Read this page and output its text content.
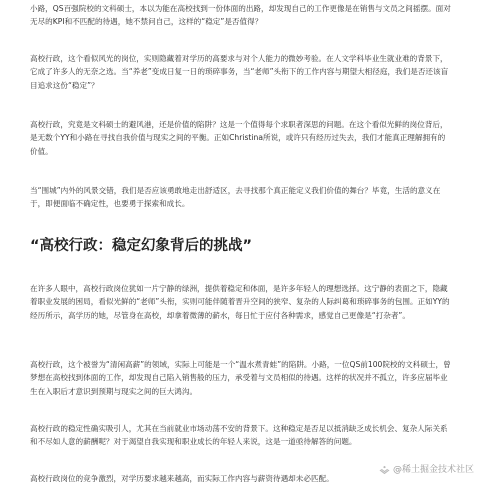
小路，QS百强院校的文科硕士，本以为能在高校找到一份体面的出路，却发现自己的工作更像是在销售与文员之间摇摆。面对无尽的KPI和不匹配的待遇，她不禁问自己，这样的“稳定”是否值得？

高校行政，这个看似风光的岗位，实则隐藏着对学历的高要求与对个人能力的微妙考验。在人文学科毕业生就业难的背景下，它成了许多人的无奈之选。当“养老”变成日复一日的琐碎事务，当“老师”头衔下的工作内容与期望大相径庭，我们是否还该盲目追求这份“稳定”？

高校行政，究竟是文科硕士的避风港，还是价值的陷阱？这是一个值得每个求职者深思的问题。在这个看似光鲜的岗位背后，是无数个YY和小路在寻找自我价值与现实之间的平衡。正如Christina所说，或许只有经历过失去，我们才能真正理解拥有的价值。

当“围城”内外的风景交错，我们是否应该勇敢地走出舒适区，去寻找那个真正能定义我们价值的舞台？毕竟，生活的意义在于，即便面临不确定性，也要勇于探索和成长。

“高校行政：稳定幻象背后的挑战”

在许多人眼中，高校行政岗位犹如一片宁静的绿洲，提供着稳定和体面，是许多年轻人的理想选择。这宁静的表面之下，隐藏着职业发展的困局，看似光鲜的“老师”头衔，实则可能伴随着晋升空间的狭窄、复杂的人际纠葛和琐碎事务的包围。正如YY的经历所示，高学历的她，尽管身在高校，却拿着微薄的薪水，每日忙于应付各种需求，感觉自己更像是“打杂者”。

高校行政，这个被誉为“清闲高薪”的领域，实际上可能是一个“温水煮青蛙”的陷阱。小路，一位QS前100院校的文科硕士，曾梦想在高校找到体面的工作，却发现自己陷入销售般的压力，承受着与文员相似的待遇。这样的状况并不孤立，许多应届毕业生在入职后才意识到预期与现实之间的巨大鸿沟。

高校行政的稳定性确实吸引人，尤其在当前就业市场动荡不安的背景下。这种稳定是否足以抵消缺乏成长机会、复杂人际关系和不尽如人意的薪酬呢？对于渴望自我实现和职业成长的年轻人来说，这是一道亟待解答的问题。

高校行政岗位的竞争激烈，对学历要求越来越高，而实际工作内容与薪资待遇却未必匹配。

@稀土掘金技术社区
